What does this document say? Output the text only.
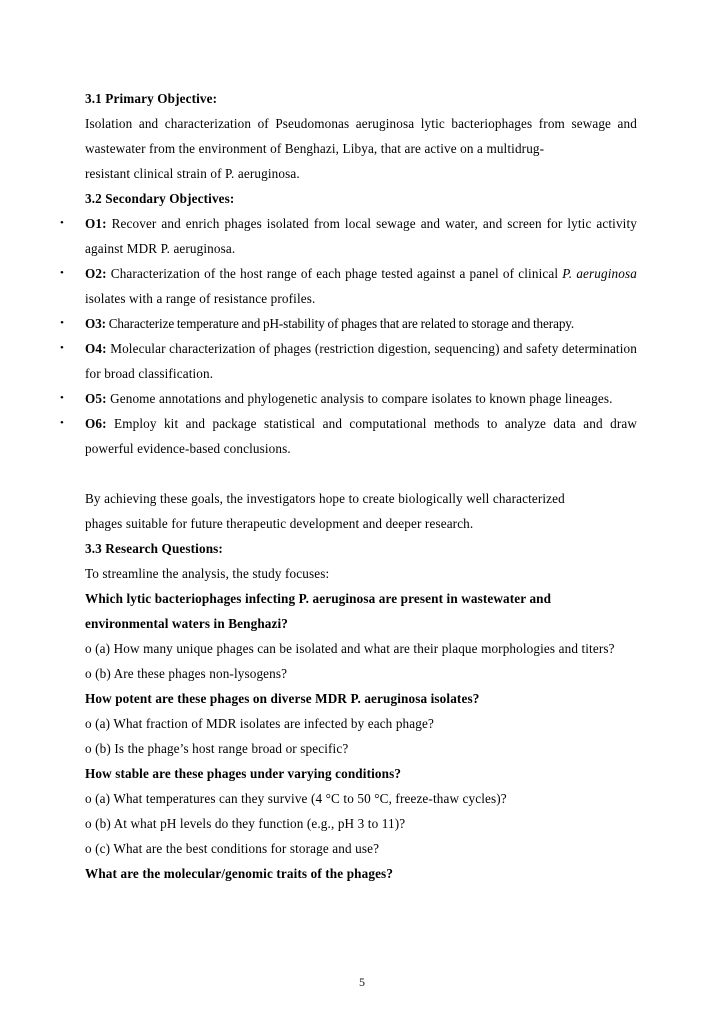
3.1 Primary Objective:
Isolation and characterization of Pseudomonas aeruginosa lytic bacteriophages from sewage and wastewater from the environment of Benghazi, Libya, that are active on a multidrug-
resistant clinical strain of P. aeruginosa.
3.2 Secondary Objectives:
• O1: Recover and enrich phages isolated from local sewage and water, and screen for lytic activity against MDR P. aeruginosa.
• O2: Characterization of the host range of each phage tested against a panel of clinical P. aeruginosa isolates with a range of resistance profiles.
• O3: Characterize temperature and pH-stability of phages that are related to storage and therapy.
• O4: Molecular characterization of phages (restriction digestion, sequencing) and safety determination for broad classification.
• O5: Genome annotations and phylogenetic analysis to compare isolates to known phage lineages.
• O6: Employ kit and package statistical and computational methods to analyze data and draw powerful evidence-based conclusions.
By achieving these goals, the investigators hope to create biologically well characterized
phages suitable for future therapeutic development and deeper research.
3.3 Research Questions:
To streamline the analysis, the study focuses:
Which lytic bacteriophages infecting P. aeruginosa are present in wastewater and
environmental waters in Benghazi?
o (a) How many unique phages can be isolated and what are their plaque morphologies and titers?
o (b) Are these phages non-lysogens?
How potent are these phages on diverse MDR P. aeruginosa isolates?
o (a) What fraction of MDR isolates are infected by each phage?
o (b) Is the phage’s host range broad or specific?
How stable are these phages under varying conditions?
o (a) What temperatures can they survive (4 °C to 50 °C, freeze-thaw cycles)?
o (b) At what pH levels do they function (e.g., pH 3 to 11)?
o (c) What are the best conditions for storage and use?
What are the molecular/genomic traits of the phages?
5
